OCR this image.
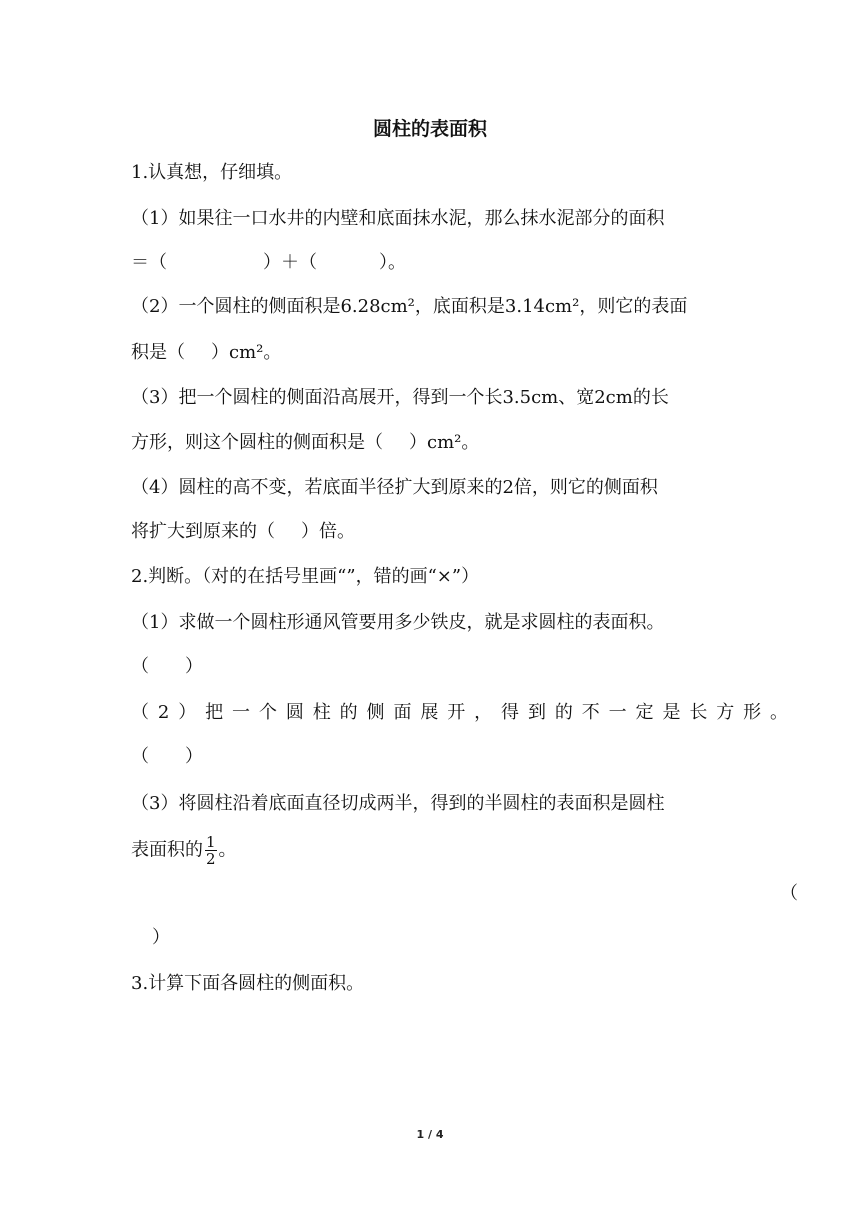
圆柱的表面积
1.认真想，仔细填。
（1）如果往一口水井的内壁和底面抹水泥，那么抹水泥部分的面积
＝（	）＋（	）。
（2）一个圆柱的侧面积是6.28cm²，底面积是3.14cm²，则它的表面
积是（ ）cm²。
（3）把一个圆柱的侧面沿高展开，得到一个长3.5cm、宽2cm的长
方形，则这个圆柱的侧面积是（ ）cm²。
（4）圆柱的高不变，若底面半径扩大到原来的2倍，则它的侧面积
将扩大到原来的（ ）倍。
2.判断。（对的在括号里画“”，错的画“×”）
（1）求做一个圆柱形通风管要用多少铁皮，就是求圆柱的表面积。
（　　）
（2）把一个圆柱的侧面展开，得到的不一定是长方形。
（　　）
（3）将圆柱沿着底面直径切成两半，得到的半圆柱的表面积是圆柱
表面积的 $\frac{1}{2}$ 。
（
）
3.计算下面各圆柱的侧面积。
1 / 4
